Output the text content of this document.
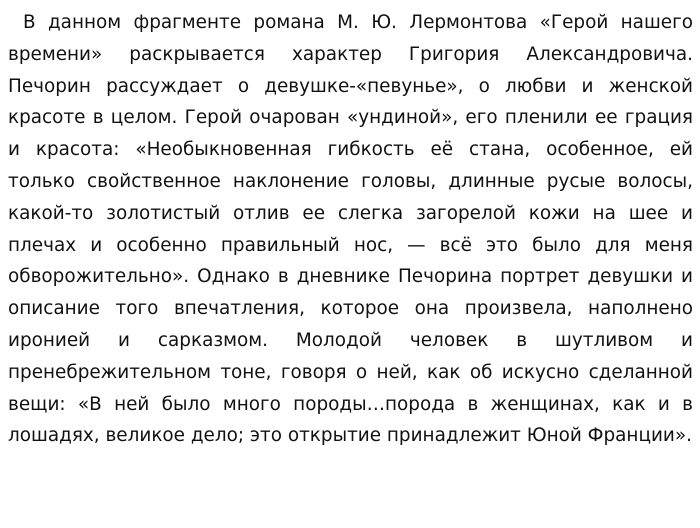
В данном фрагменте романа М. Ю. Лермонтова «Герой нашего времени» раскрывается характер Григория Александровича. Печорин рассуждает о девушке-«певунье», о любви и женской красоте в целом. Герой очарован «ундиной», его пленили ее грация и красота: «Необыкновенная гибкость её стана, особенное, ей только свойственное наклонение головы, длинные русые волосы, какой-то золотистый отлив ее слегка загорелой кожи на шее и плечах и особенно правильный нос, — всё это было для меня обворожительно». Однако в дневнике Печорина портрет девушки и описание того впечатления, которое она произвела, наполнено иронией и сарказмом. Молодой человек в шутливом и пренебрежительном тоне, говоря о ней, как об искусно сделанной вещи: «В ней было много породы…порода в женщинах, как и в лошадях, великое дело; это открытие принадлежит Юной Франции».
